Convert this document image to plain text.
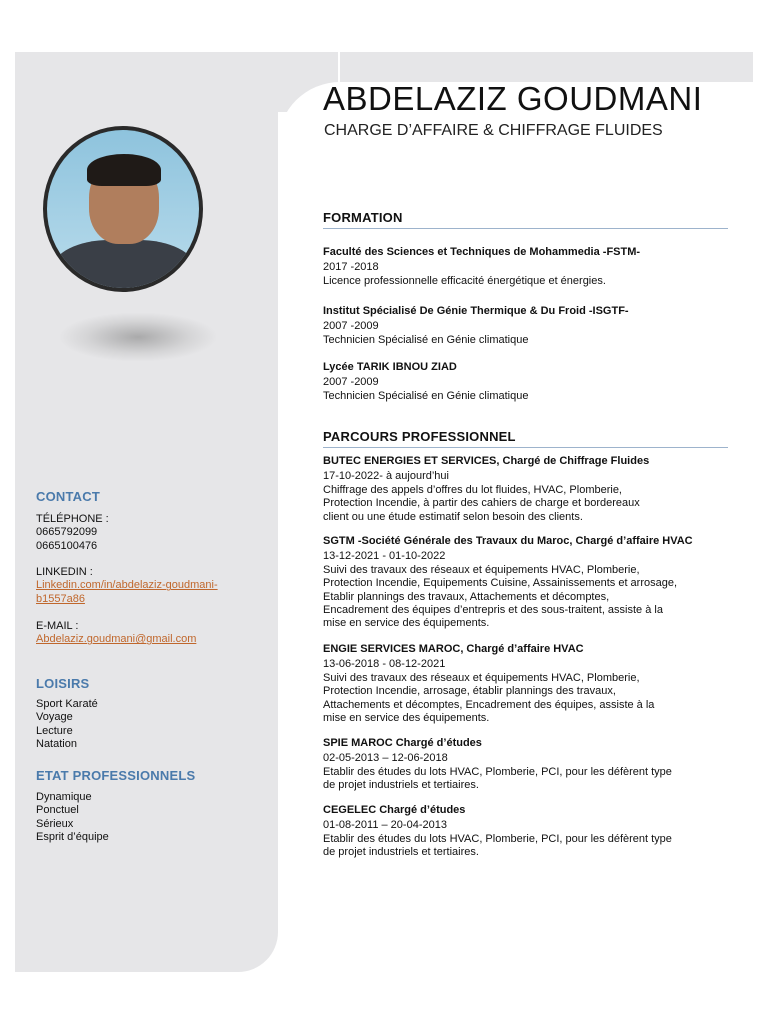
ABDELAZIZ GOUDMANI
CHARGE D’AFFAIRE & CHIFFRAGE FLUIDES
FORMATION
Faculté des Sciences et Techniques de Mohammedia -FSTM-
2017 -2018
Licence professionnelle efficacité énergétique et énergies.
Institut Spécialisé De Génie Thermique & Du Froid -ISGTF-
2007 -2009
Technicien Spécialisé en Génie climatique
Lycée TARIK IBNOU ZIAD
2007 -2009
Technicien Spécialisé en Génie climatique
PARCOURS PROFESSIONNEL
BUTEC ENERGIES ET SERVICES, Chargé de Chiffrage Fluides
17-10-2022- à aujourd’hui
Chiffrage des appels d’offres du lot fluides, HVAC, Plomberie,
Protection Incendie, à partir des cahiers de charge et bordereaux
client ou une étude estimatif selon besoin des clients.
SGTM -Société Générale des Travaux du Maroc, Chargé d’affaire HVAC
13-12-2021 - 01-10-2022
Suivi des travaux des réseaux et équipements HVAC, Plomberie,
Protection Incendie, Equipements Cuisine, Assainissements et arrosage,
Etablir plannings des travaux, Attachements et décomptes,
Encadrement des équipes d’entrepris et des sous-traitent, assiste à la
mise en service des équipements.
ENGIE SERVICES MAROC, Chargé d’affaire HVAC
13-06-2018 - 08-12-2021
Suivi des travaux des réseaux et équipements HVAC, Plomberie,
Protection Incendie, arrosage, établir plannings des travaux,
Attachements et décomptes, Encadrement des équipes, assiste à la
mise en service des équipements.
SPIE MAROC Chargé d’études
02-05-2013 – 12-06-2018
Etablir des études du lots HVAC, Plomberie, PCI, pour les défèrent type
de projet industriels et tertiaires.
CEGELEC Chargé d’études
01-08-2011 – 20-04-2013
Etablir des études du lots HVAC, Plomberie, PCI, pour les défèrent type
de projet industriels et tertiaires.
CONTACT
TÉLÉPHONE :
0665792099
0665100476
LINKEDIN :
Linkedin.com/in/abdelaziz-goudmani-
b1557a86
E-MAIL :
Abdelaziz.goudmani@gmail.com
LOISIRS
Sport Karaté
Voyage
Lecture
Natation
ETAT PROFESSIONNELS
Dynamique
Ponctuel
Sérieux
Esprit d’équipe
